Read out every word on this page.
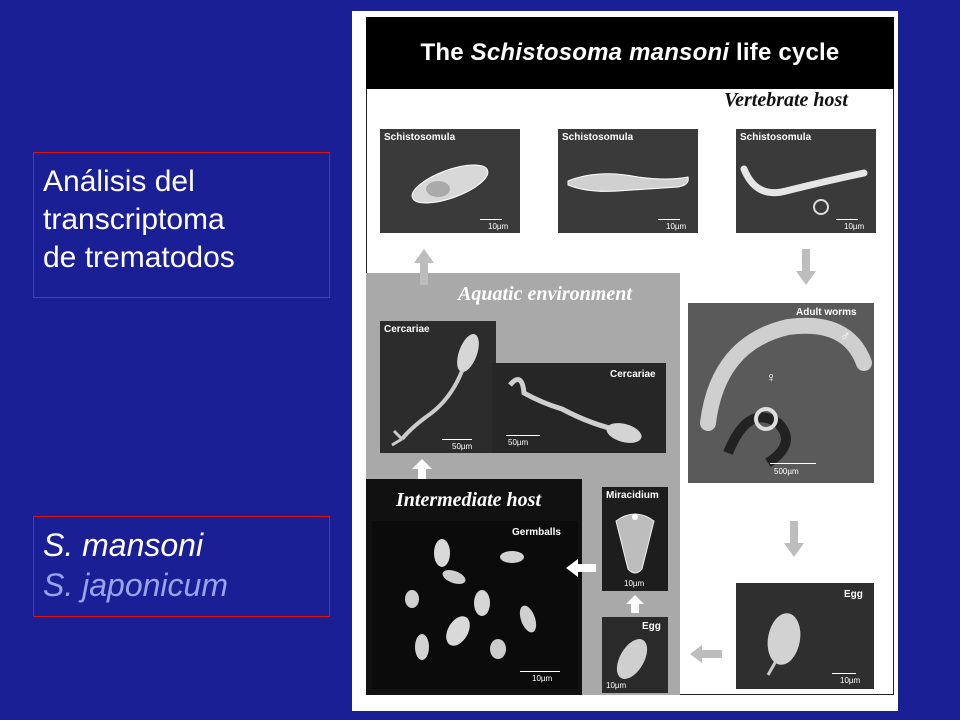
Análisis del
transcriptoma
de trematodos
S. mansoni
S. japonicum
The Schistosoma mansoni life cycle
Vertebrate host
Schistosomula
10µm
Schistosomula
10µm
Schistosomula
10µm
Aquatic environment
Cercariae
50µm
Cercariae
50µm
Intermediate host
Germballs
10µm
Miracidium
10µm
Egg
10µm
Adult worms
♂
♀
500µm
Egg
10µm
